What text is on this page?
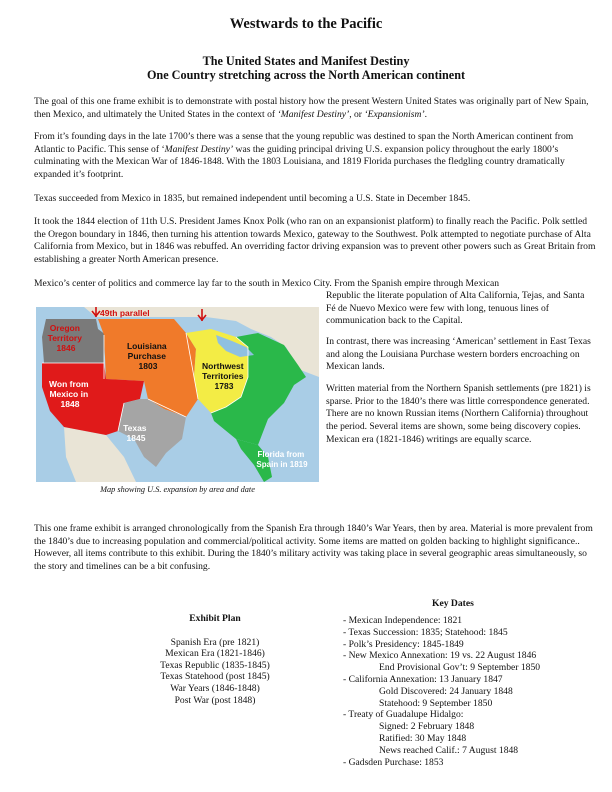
Westwards to the Pacific
The United States and Manifest Destiny
One Country stretching across the North American continent

The goal of this one frame exhibit is to demonstrate with postal history how the present Western United States was originally part of New Spain, then Mexico, and ultimately the United States in the context of ‘Manifest Destiny’, or ‘Expansionism’.

From it’s founding days in the late 1700’s there was a sense that the young republic was destined to span the North American continent from Atlantic to Pacific. This sense of ‘Manifest Destiny’ was the guiding principal driving U.S. expansion policy throughout the early 1800’s culminating with the Mexican War of 1846-1848. With the 1803 Louisiana, and 1819 Florida purchases the fledgling country dramatically expanded it’s footprint.

Texas succeeded from Mexico in 1835, but remained independent until becoming a U.S. State in December 1845.

It took the 1844 election of 11th U.S. President James Knox Polk (who ran on an expansionist platform) to finally reach the Pacific. Polk settled the Oregon boundary in 1846, then turning his attention towards Mexico, gateway to the Southwest. Polk attempted to negotiate purchase of Alta California from Mexico, but in 1846 was rebuffed. An overriding factor driving expansion was to prevent other powers such as Great Britain from establishing a greater North American presence.

Mexico’s center of politics and commerce lay far to the south in Mexico City. From the Spanish empire through Mexican

Republic the literate population of Alta California, Tejas, and Santa Fé de Nuevo Mexico were few with long, tenuous lines of communication back to the Capital.

In contrast, there was increasing ‘American’ settlement in East Texas and along the Louisiana Purchase western borders encroaching on Mexican lands.

Written material from the Northern Spanish settlements (pre 1821) is sparse. Prior to the 1840’s there was little correspondence generated. There are no known Russian items (Northern California) throughout the period. Several items are shown, some being discovery copies. Mexican era (1821-1846) writings are equally scarce.

49th parallel
Oregon Territory 1846	Louisiana Purchase 1803	Northwest Territories 1783
Won from Mexico in 1848
Texas 1845
Florida from Spain in 1819
Map showing U.S. expansion by area and date

This one frame exhibit is arranged chronologically from the Spanish Era through 1840’s War Years, then by area. Material is more prevalent from the 1840’s due to increasing population and commercial/political activity. Some items are matted on golden backing to highlight significance.. However, all items contribute to this exhibit. During the 1840’s military activity was taking place in several geographic areas simultaneously, so the story and timelines can be a bit confusing.

Exhibit Plan
Spanish Era (pre 1821)
Mexican Era (1821-1846)
Texas Republic (1835-1845)
Texas Statehood (post 1845)
War Years (1846-1848)
Post War (post 1848)
Key Dates
- Mexican Independence: 1821
- Texas Succession: 1835; Statehood: 1845
- Polk’s Presidency: 1845-1849
- New Mexico Annexation: 19 vs. 22 August 1846
End Provisional Gov’t: 9 September 1850
- California Annexation: 13 January 1847
Gold Discovered: 24 January 1848
Statehood: 9 September 1850
- Treaty of Guadalupe Hidalgo:
Signed: 2 February 1848
Ratified: 30 May 1848
News reached Calif.: 7 August 1848
- Gadsden Purchase: 1853
